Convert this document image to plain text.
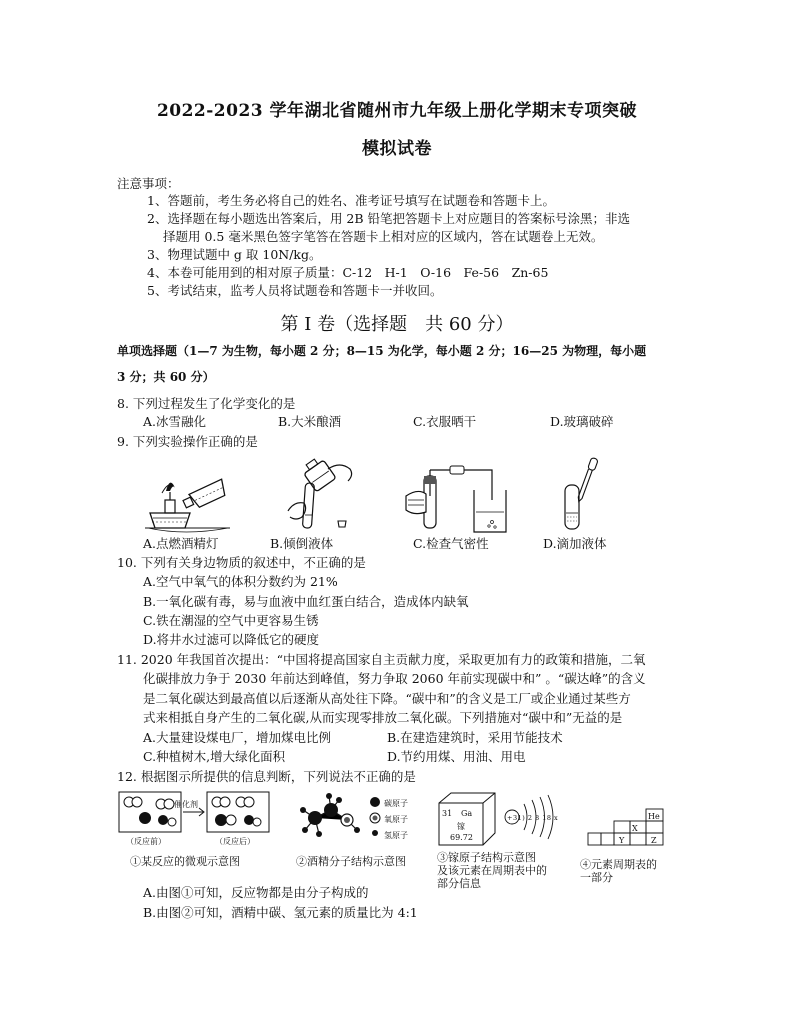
2022-2023 学年湖北省随州市九年级上册化学期末专项突破
模拟试卷
注意事项：
1、答题前，考生务必将自己的姓名、准考证号填写在试题卷和答题卡上。
2、选择题在每小题选出答案后，用 2B 铅笔把答题卡上对应题目的答案标号涂黑；非选
择题用 0.5 毫米黑色签字笔答在答题卡上相对应的区域内，答在试题卷上无效。
3、物理试题中 g 取 10N/kg。
4、本卷可能用到的相对原子质量：C-12　H-1　O-16　Fe-56　Zn-65
5、考试结束，监考人员将试题卷和答题卡一并收回。
第 I 卷（选择题　共 60 分）
单项选择题（1—7 为生物，每小题 2 分；8—15 为化学，每小题 2 分；16—25 为物理，每小题
3 分；共 60 分）
8. 下列过程发生了化学变化的是
A.冰雪融化	B.大米酿酒	C.衣服晒干	D.玻璃破碎
9. 下列实验操作正确的是
A.点燃酒精灯	B.倾倒液体	C.检查气密性	D.滴加液体
10. 下列有关身边物质的叙述中，不正确的是
A.空气中氧气的体积分数约为 21%
B.一氧化碳有毒，易与血液中血红蛋白结合，造成体内缺氧
C.铁在潮湿的空气中更容易生锈
D.将井水过滤可以降低它的硬度
11. 2020 年我国首次提出：“中国将提高国家自主贡献力度，采取更加有力的政策和措施，二氧
化碳排放力争于 2030 年前达到峰值，努力争取 2060 年前实现碳中和” 。“碳达峰”的含义
是二氧化碳达到最高值以后逐渐从高处往下降。“碳中和”的含义是工厂或企业通过某些方
式来相抵自身产生的二氧化碳,从而实现零排放二氧化碳。下列措施对“碳中和”无益的是
A.大量建设煤电厂，增加煤电比例	B.在建造建筑时，采用节能技术
C.种植树木,增大绿化面积	D.节约用煤、用油、用电
12. 根据图示所提供的信息判断，下列说法不正确的是
催化剂
（反应前）	（反应后）
①某反应的微观示意图
碳原子
氧原子
氢原子
②酒精分子结构示意图
31 Ga
镓
69.72
+31) 2 8 18 x
③镓原子结构示意图
及该元素在周期表中的
部分信息
He
X
Y	Z
④元素周期表的
一部分
A.由图①可知，反应物都是由分子构成的
B.由图②可知，酒精中碳、氢元素的质量比为 4:1
